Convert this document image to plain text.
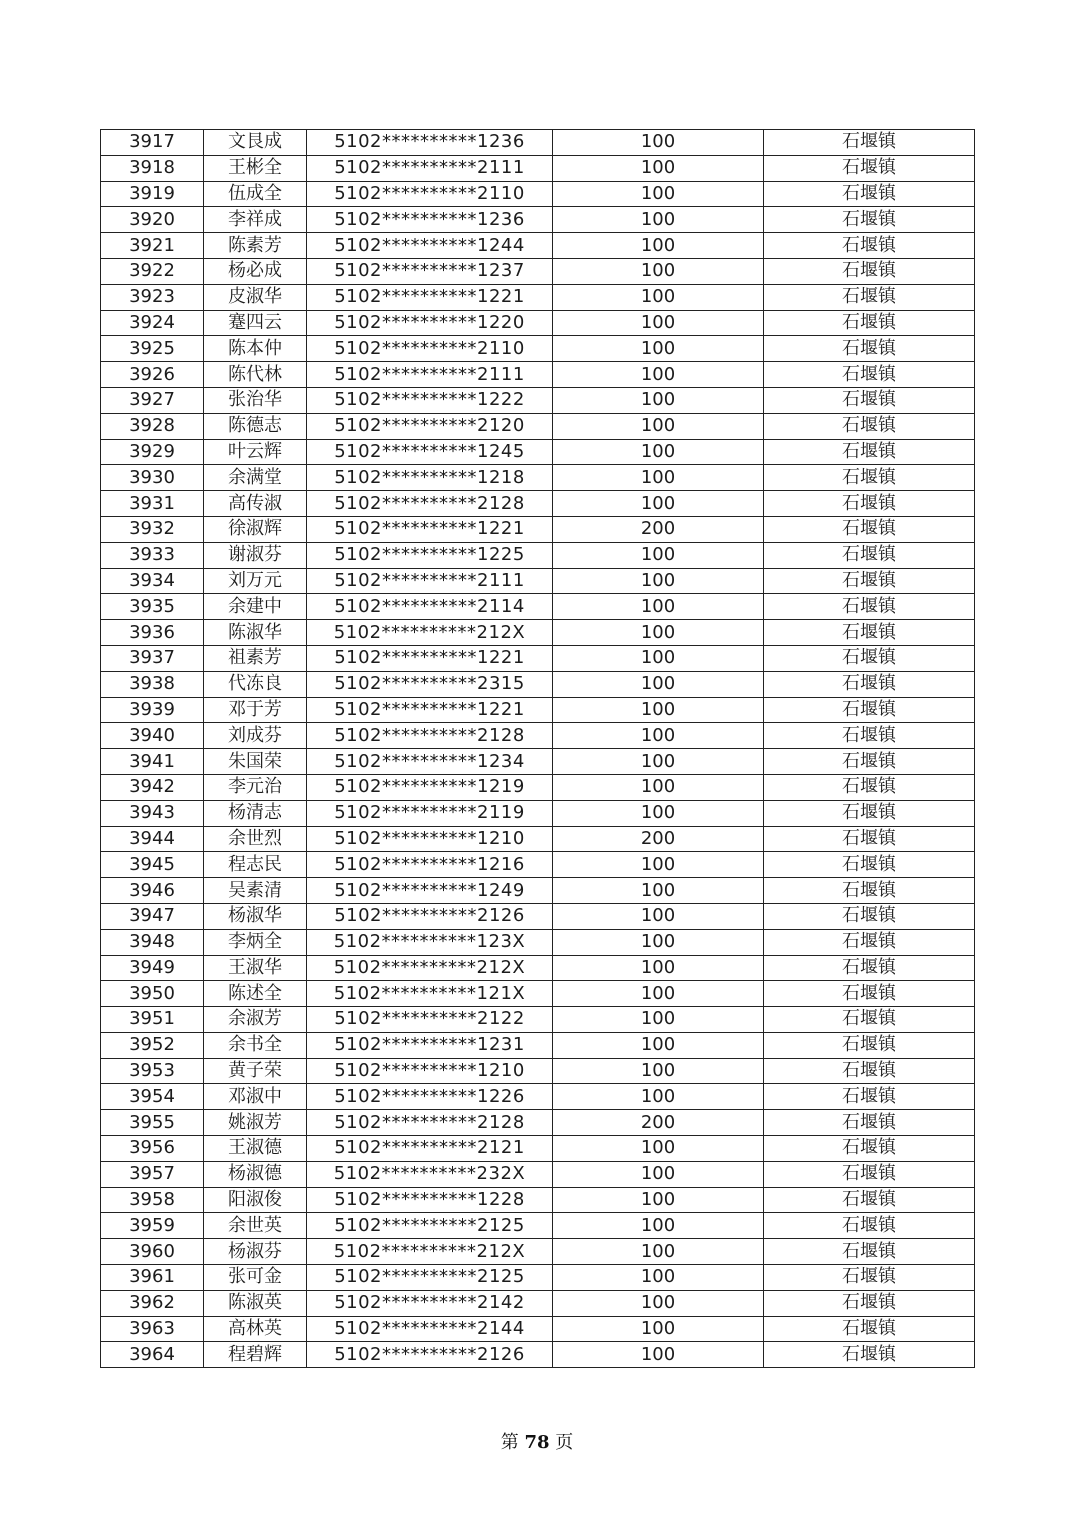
3917	文艮成	5102**********1236	100	石堰镇
3918	王彬全	5102**********2111	100	石堰镇
3919	伍成全	5102**********2110	100	石堰镇
3920	李祥成	5102**********1236	100	石堰镇
3921	陈素芳	5102**********1244	100	石堰镇
3922	杨必成	5102**********1237	100	石堰镇
3923	皮淑华	5102**********1221	100	石堰镇
3924	蹇四云	5102**********1220	100	石堰镇
3925	陈本仲	5102**********2110	100	石堰镇
3926	陈代林	5102**********2111	100	石堰镇
3927	张治华	5102**********1222	100	石堰镇
3928	陈德志	5102**********2120	100	石堰镇
3929	叶云辉	5102**********1245	100	石堰镇
3930	余满堂	5102**********1218	100	石堰镇
3931	高传淑	5102**********2128	100	石堰镇
3932	徐淑辉	5102**********1221	200	石堰镇
3933	谢淑芬	5102**********1225	100	石堰镇
3934	刘万元	5102**********2111	100	石堰镇
3935	余建中	5102**********2114	100	石堰镇
3936	陈淑华	5102**********212X	100	石堰镇
3937	祖素芳	5102**********1221	100	石堰镇
3938	代冻良	5102**********2315	100	石堰镇
3939	邓于芳	5102**********1221	100	石堰镇
3940	刘成芬	5102**********2128	100	石堰镇
3941	朱国荣	5102**********1234	100	石堰镇
3942	李元治	5102**********1219	100	石堰镇
3943	杨清志	5102**********2119	100	石堰镇
3944	余世烈	5102**********1210	200	石堰镇
3945	程志民	5102**********1216	100	石堰镇
3946	吴素清	5102**********1249	100	石堰镇
3947	杨淑华	5102**********2126	100	石堰镇
3948	李炳全	5102**********123X	100	石堰镇
3949	王淑华	5102**********212X	100	石堰镇
3950	陈述全	5102**********121X	100	石堰镇
3951	余淑芳	5102**********2122	100	石堰镇
3952	余书全	5102**********1231	100	石堰镇
3953	黄子荣	5102**********1210	100	石堰镇
3954	邓淑中	5102**********1226	100	石堰镇
3955	姚淑芳	5102**********2128	200	石堰镇
3956	王淑德	5102**********2121	100	石堰镇
3957	杨淑德	5102**********232X	100	石堰镇
3958	阳淑俊	5102**********1228	100	石堰镇
3959	余世英	5102**********2125	100	石堰镇
3960	杨淑芬	5102**********212X	100	石堰镇
3961	张可金	5102**********2125	100	石堰镇
3962	陈淑英	5102**********2142	100	石堰镇
3963	高林英	5102**********2144	100	石堰镇
3964	程碧辉	5102**********2126	100	石堰镇
第 78 页
